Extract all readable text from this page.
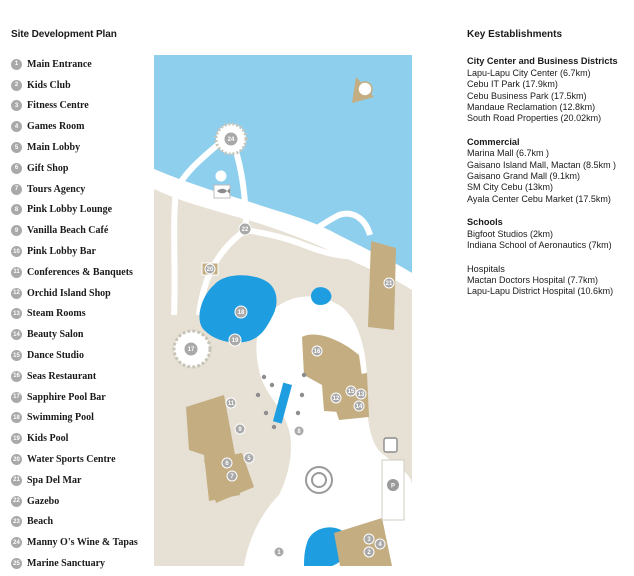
Site Development Plan
1 Main Entrance
2 Kids Club
3 Fitness Centre
4 Games Room
5 Main Lobby
6 Gift Shop
7 Tours Agency
8 Pink Lobby Lounge
9 Vanilla Beach Café
10 Pink Lobby Bar
11 Conferences & Banquets
12 Orchid Island Shop
13 Steam Rooms
14 Beauty Salon
15 Dance Studio
16 Seas Restaurant
17 Sapphire Pool Bar
18 Swimming Pool
19 Kids Pool
20 Water Sports Centre
21 Spa Del Mar
22 Gazebo
23 Beach
24 Manny O's Wine & Tapas
25 Marine Sanctuary
P
N
1	2
3
4
5
6
7
8
9
10
11
12
13
14
15
16
17
18
19
20
21
22
24
25
Key Establishments
City Center and Business Districts

Lapu-Lapu City Center (6.7km)

Cebu IT Park (17.9km)

Cebu Business Park (17.5km)

Mandaue Reclamation (12.8km)

South Road Properties (20.02km)

Commercial

Marina Mall (6.7km )

Gaisano Island Mall, Mactan (8.5km )

Gaisano Grand Mall (9.1km)

SM City Cebu (13km)

Ayala Center Cebu Market (17.5km)

Schools

Bigfoot Studios (2km)

Indiana School of Aeronautics (7km)

Hospitals

Mactan Doctors Hospital (7.7km)

Lapu-Lapu District Hospital (10.6km)
